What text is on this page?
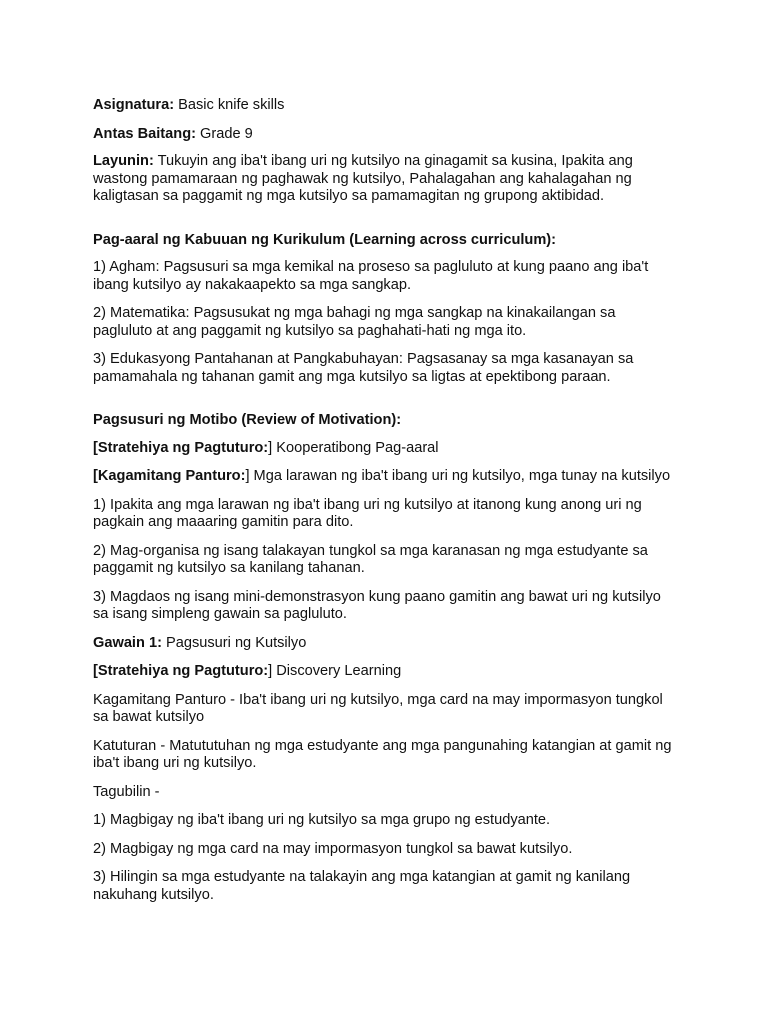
Asignatura: Basic knife skills

Antas Baitang: Grade 9

Layunin: Tukuyin ang iba't ibang uri ng kutsilyo na ginagamit sa kusina, Ipakita ang wastong pamamaraan ng paghawak ng kutsilyo, Pahalagahan ang kahalagahan ng kaligtasan sa paggamit ng mga kutsilyo sa pamamagitan ng grupong aktibidad.

Pag-aaral ng Kabuuan ng Kurikulum (Learning across curriculum):

1) Agham: Pagsusuri sa mga kemikal na proseso sa pagluluto at kung paano ang iba't ibang kutsilyo ay nakakaapekto sa mga sangkap.

2) Matematika: Pagsusukat ng mga bahagi ng mga sangkap na kinakailangan sa pagluluto at ang paggamit ng kutsilyo sa paghahati-hati ng mga ito.

3) Edukasyong Pantahanan at Pangkabuhayan: Pagsasanay sa mga kasanayan sa pamamahala ng tahanan gamit ang mga kutsilyo sa ligtas at epektibong paraan.

Pagsusuri ng Motibo (Review of Motivation):

[Stratehiya ng Pagtuturo:] Kooperatibong Pag-aaral

[Kagamitang Panturo:] Mga larawan ng iba't ibang uri ng kutsilyo, mga tunay na kutsilyo

1) Ipakita ang mga larawan ng iba't ibang uri ng kutsilyo at itanong kung anong uri ng pagkain ang maaaring gamitin para dito.

2) Mag-organisa ng isang talakayan tungkol sa mga karanasan ng mga estudyante sa paggamit ng kutsilyo sa kanilang tahanan.

3) Magdaos ng isang mini-demonstrasyon kung paano gamitin ang bawat uri ng kutsilyo sa isang simpleng gawain sa pagluluto.

Gawain 1: Pagsusuri ng Kutsilyo

[Stratehiya ng Pagtuturo:] Discovery Learning

Kagamitang Panturo - Iba't ibang uri ng kutsilyo, mga card na may impormasyon tungkol sa bawat kutsilyo

Katuturan - Matututuhan ng mga estudyante ang mga pangunahing katangian at gamit ng iba't ibang uri ng kutsilyo.

Tagubilin -

1) Magbigay ng iba't ibang uri ng kutsilyo sa mga grupo ng estudyante.

2) Magbigay ng mga card na may impormasyon tungkol sa bawat kutsilyo.

3) Hilingin sa mga estudyante na talakayin ang mga katangian at gamit ng kanilang nakuhang kutsilyo.
